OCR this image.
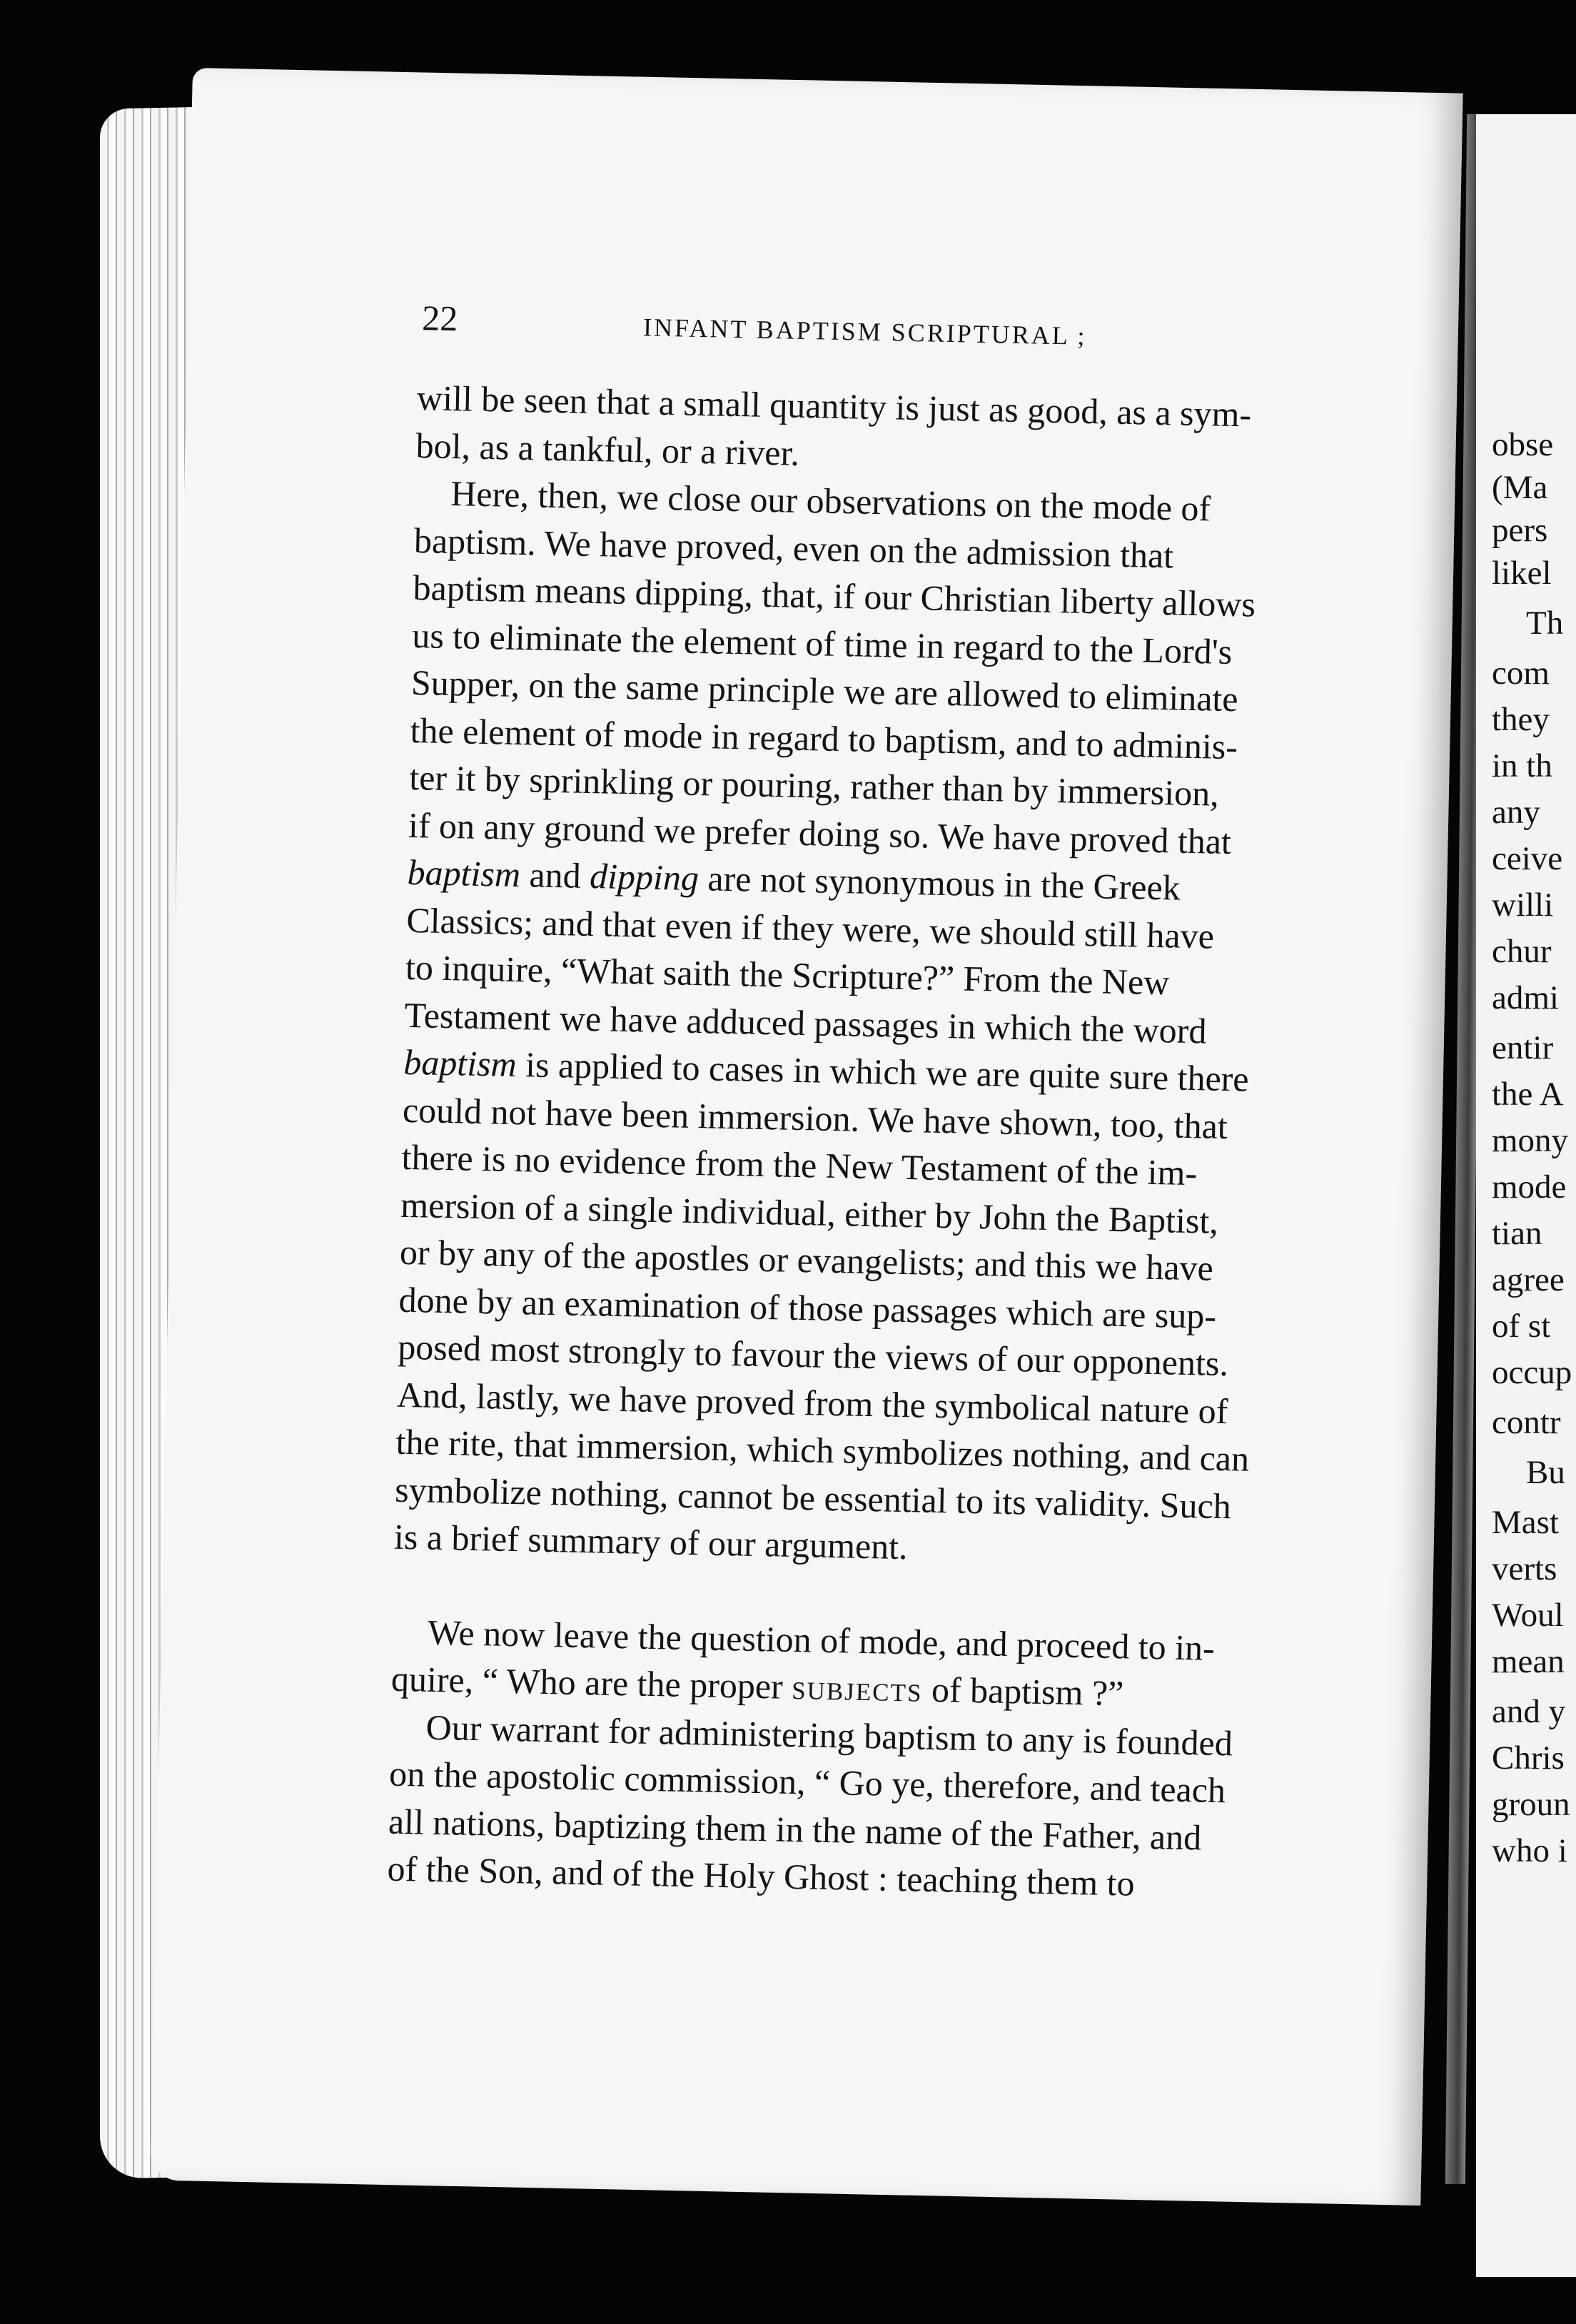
obse
(Ma
pers
likel
Th
com
they
in th
any
ceive
willi
chur
admi
entir
the A
mony
mode
tian
agree
of st
occup
contr
Bu
Mast
verts
Woul
mean
and y
Chris
groun
who i
22	INFANT BAPTISM SCRIPTURAL ;
will be seen that a small quantity is just as good, as a sym-
bol, as a tankful, or a river.
Here, then, we close our observations on the mode of
baptism. We have proved, even on the admission that
baptism means dipping, that, if our Christian liberty allows
us to eliminate the element of time in regard to the Lord's
Supper, on the same principle we are allowed to eliminate
the element of mode in regard to baptism, and to adminis-
ter it by sprinkling or pouring, rather than by immersion,
if on any ground we prefer doing so. We have proved that
baptism and dipping are not synonymous in the Greek
Classics; and that even if they were, we should still have
to inquire, “What saith the Scripture?” From the New
Testament we have adduced passages in which the word
baptism is applied to cases in which we are quite sure there
could not have been immersion. We have shown, too, that
there is no evidence from the New Testament of the im-
mersion of a single individual, either by John the Baptist,
or by any of the apostles or evangelists; and this we have
done by an examination of those passages which are sup-
posed most strongly to favour the views of our opponents.
And, lastly, we have proved from the symbolical nature of
the rite, that immersion, which symbolizes nothing, and can
symbolize nothing, cannot be essential to its validity. Such
is a brief summary of our argument.
We now leave the question of mode, and proceed to in-
quire, “ Who are the proper subjects of baptism ?”
Our warrant for administering baptism to any is founded
on the apostolic commission, “ Go ye, therefore, and teach
all nations, baptizing them in the name of the Father, and
of the Son, and of the Holy Ghost : teaching them to
